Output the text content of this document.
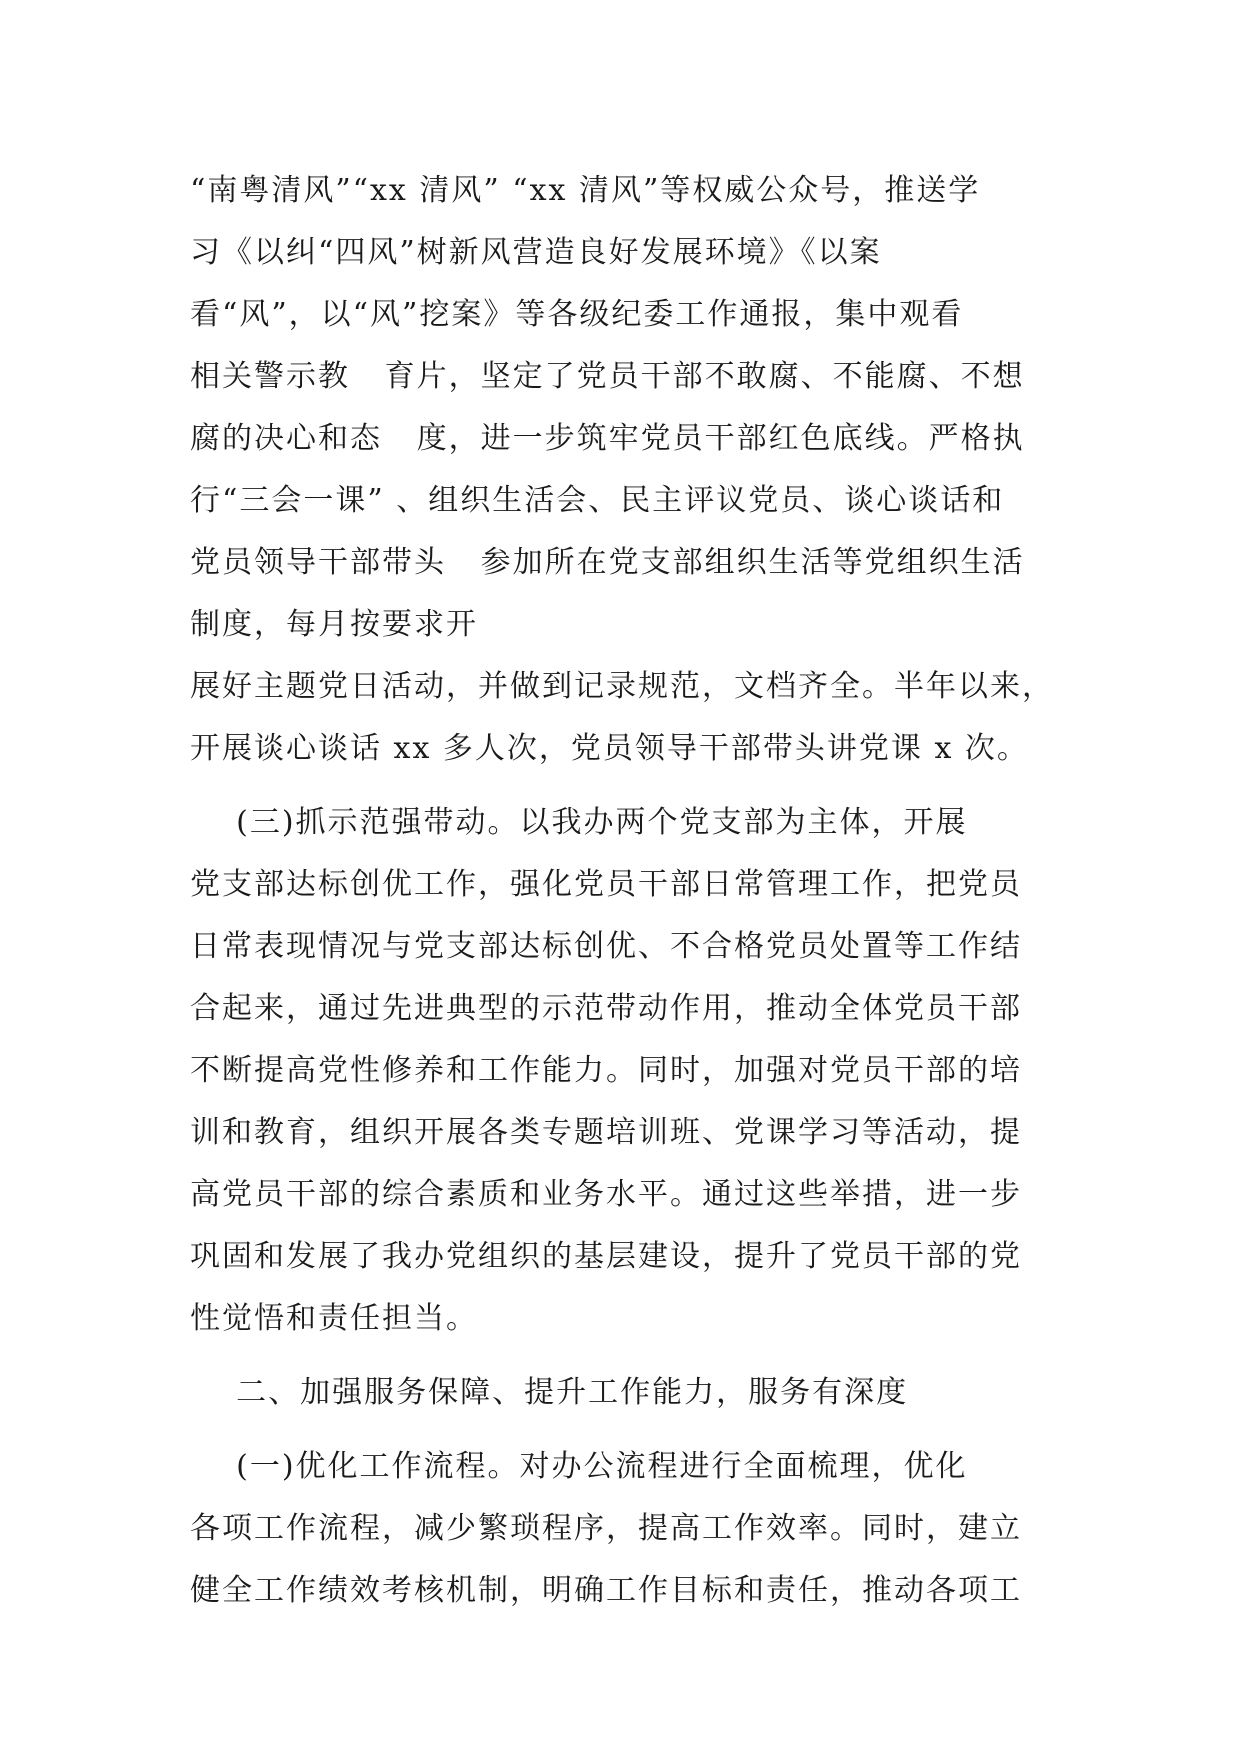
“南粤清风”“xx 清风” “xx 清风”等权威公众号，推送学
习《以纠“四风”树新风营造良好发展环境》《以案
看“风”，以“风”挖案》等各级纪委工作通报，集中观看
相关警示教   育片，坚定了党员干部不敢腐、不能腐、不想
腐的决心和态   度，进一步筑牢党员干部红色底线。严格执
行“三会一课” 、组织生活会、民主评议党员、谈心谈话和
党员领导干部带头   参加所在党支部组织生活等党组织生活
制度，每月按要求开
展好主题党日活动，并做到记录规范，文档齐全。半年以来，
开展谈心谈话 xx 多人次，党员领导干部带头讲党课 x 次。
(三)抓示范强带动。以我办两个党支部为主体，开展
党支部达标创优工作，强化党员干部日常管理工作，把党员
日常表现情况与党支部达标创优、不合格党员处置等工作结
合起来，通过先进典型的示范带动作用，推动全体党员干部
不断提高党性修养和工作能力。同时，加强对党员干部的培
训和教育，组织开展各类专题培训班、党课学习等活动，提
高党员干部的综合素质和业务水平。通过这些举措，进一步
巩固和发展了我办党组织的基层建设，提升了党员干部的党
性觉悟和责任担当。
二、加强服务保障、提升工作能力，服务有深度
(一)优化工作流程。对办公流程进行全面梳理，优化
各项工作流程，减少繁琐程序，提高工作效率。同时，建立
健全工作绩效考核机制，明确工作目标和责任，推动各项工
